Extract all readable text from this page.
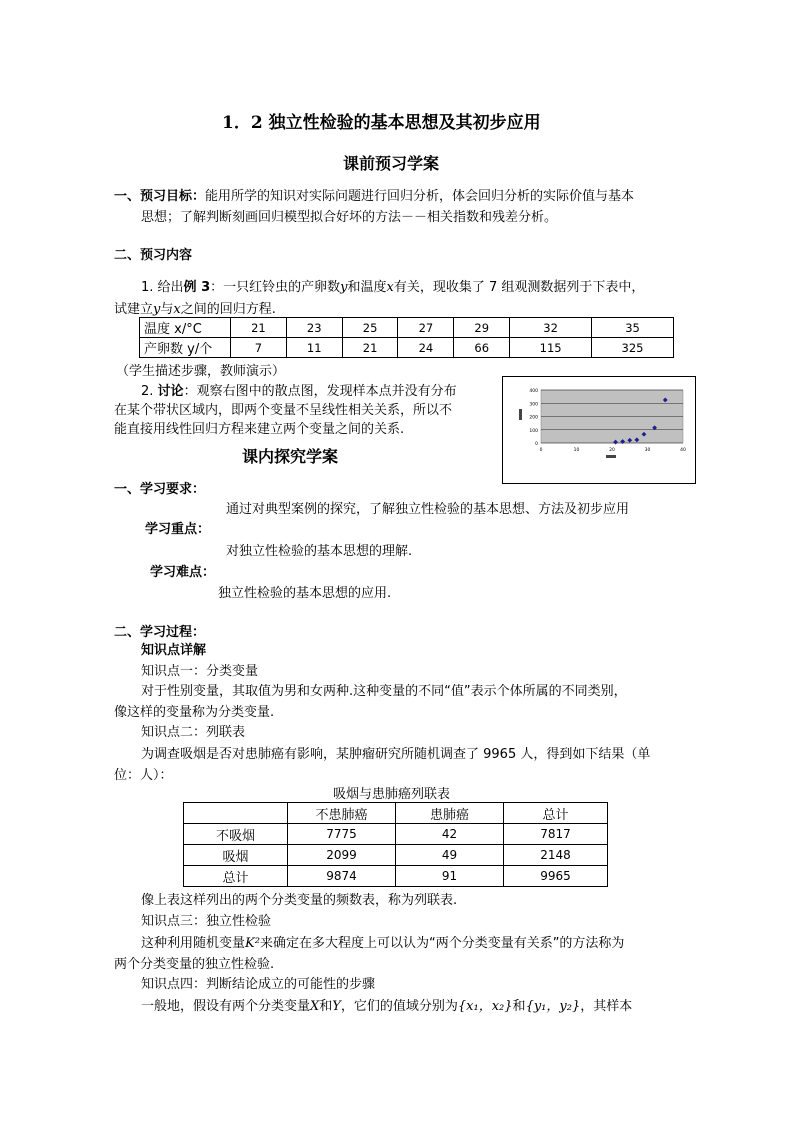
1．2 独立性检验的基本思想及其初步应用
课前预习学案
一、预习目标：能用所学的知识对实际问题进行回归分析，体会回归分析的实际价值与基本
思想；了解判断刻画回归模型拟合好坏的方法－－相关指数和残差分析。
二、预习内容
1. 给出例 3：一只红铃虫的产卵数y和温度x有关，现收集了 7 组观测数据列于下表中，
试建立y与x之间的回归方程.
温度 x/°C	21	23	25	27	29	32	35
产卵数 y/个	7	11	21	24	66	115	325
（学生描述步骤，教师演示）
2. 讨论：观察右图中的散点图，发现样本点并没有分布
在某个带状区域内，即两个变量不呈线性相关关系，所以不
能直接用线性回归方程来建立两个变量之间的关系.
0
100
200
300
400
0	10	20	30	40
课内探究学案
一、学习要求：
通过对典型案例的探究，了解独立性检验的基本思想、方法及初步应用
学习重点：
对独立性检验的基本思想的理解.
学习难点：
独立性检验的基本思想的应用.
二、学习过程：
知识点详解
知识点一：分类变量
对于性别变量，其取值为男和女两种.这种变量的不同“值”表示个体所属的不同类别，
像这样的变量称为分类变量.
知识点二：列联表
为调查吸烟是否对患肺癌有影响，某肿瘤研究所随机调查了 9965 人，得到如下结果（单
位：人）：
吸烟与患肺癌列联表
	不患肺癌	患肺癌	总计
不吸烟	7775	42	7817
吸烟	2099	49	2148
总计	9874	91	9965
像上表这样列出的两个分类变量的频数表，称为列联表.
知识点三：独立性检验
这种利用随机变量K²来确定在多大程度上可以认为“两个分类变量有关系”的方法称为
两个分类变量的独立性检验.
知识点四：判断结论成立的可能性的步骤
一般地，假设有两个分类变量X和Y，它们的值域分别为{x₁，x₂}和{y₁，y₂}，其样本
